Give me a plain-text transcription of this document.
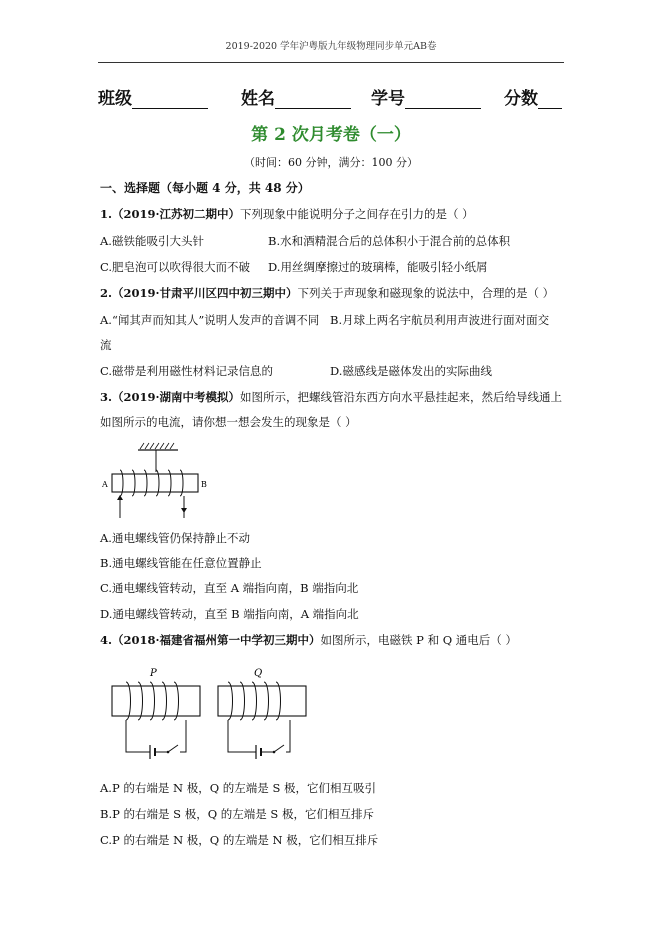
2019-2020 学年沪粤版九年级物理同步单元AB卷
班级	姓名	学号	分数
第 2 次月考卷（一）
（时间：60 分钟，满分：100 分）
一、选择题（每小题 4 分，共 48 分）
1.（2019·江苏初二期中）下列现象中能说明分子之间存在引力的是（ ）
A.磁铁能吸引大头针	B.水和酒精混合后的总体积小于混合前的总体积
C.肥皂泡可以吹得很大而不破 D.用丝绸摩擦过的玻璃棒，能吸引轻小纸屑
2.（2019·甘肃平川区四中初三期中）下列关于声现象和磁现象的说法中，合理的是（ ）
A.“闻其声而知其人”说明人发声的音调不同 B.月球上两名宇航员利用声波进行面对面交
流
C.磁带是利用磁性材料记录信息的	D.磁感线是磁体发出的实际曲线
3.（2019·湖南中考模拟）如图所示，把螺线管沿东西方向水平悬挂起来，然后给导线通上
如图所示的电流，请你想一想会发生的现象是（ ）
A	B
A.通电螺线管仍保持静止不动
B.通电螺线管能在任意位置静止
C.通电螺线管转动，直至 A 端指向南，B 端指向北
D.通电螺线管转动，直至 B 端指向南，A 端指向北
4.（2018·福建省福州第一中学初三期中）如图所示，电磁铁 P 和 Q 通电后（ ）
P	Q
A.P 的右端是 N 极，Q 的左端是 S 极，它们相互吸引
B.P 的右端是 S 极，Q 的左端是 S 极，它们相互排斥
C.P 的右端是 N 极，Q 的左端是 N 极，它们相互排斥
